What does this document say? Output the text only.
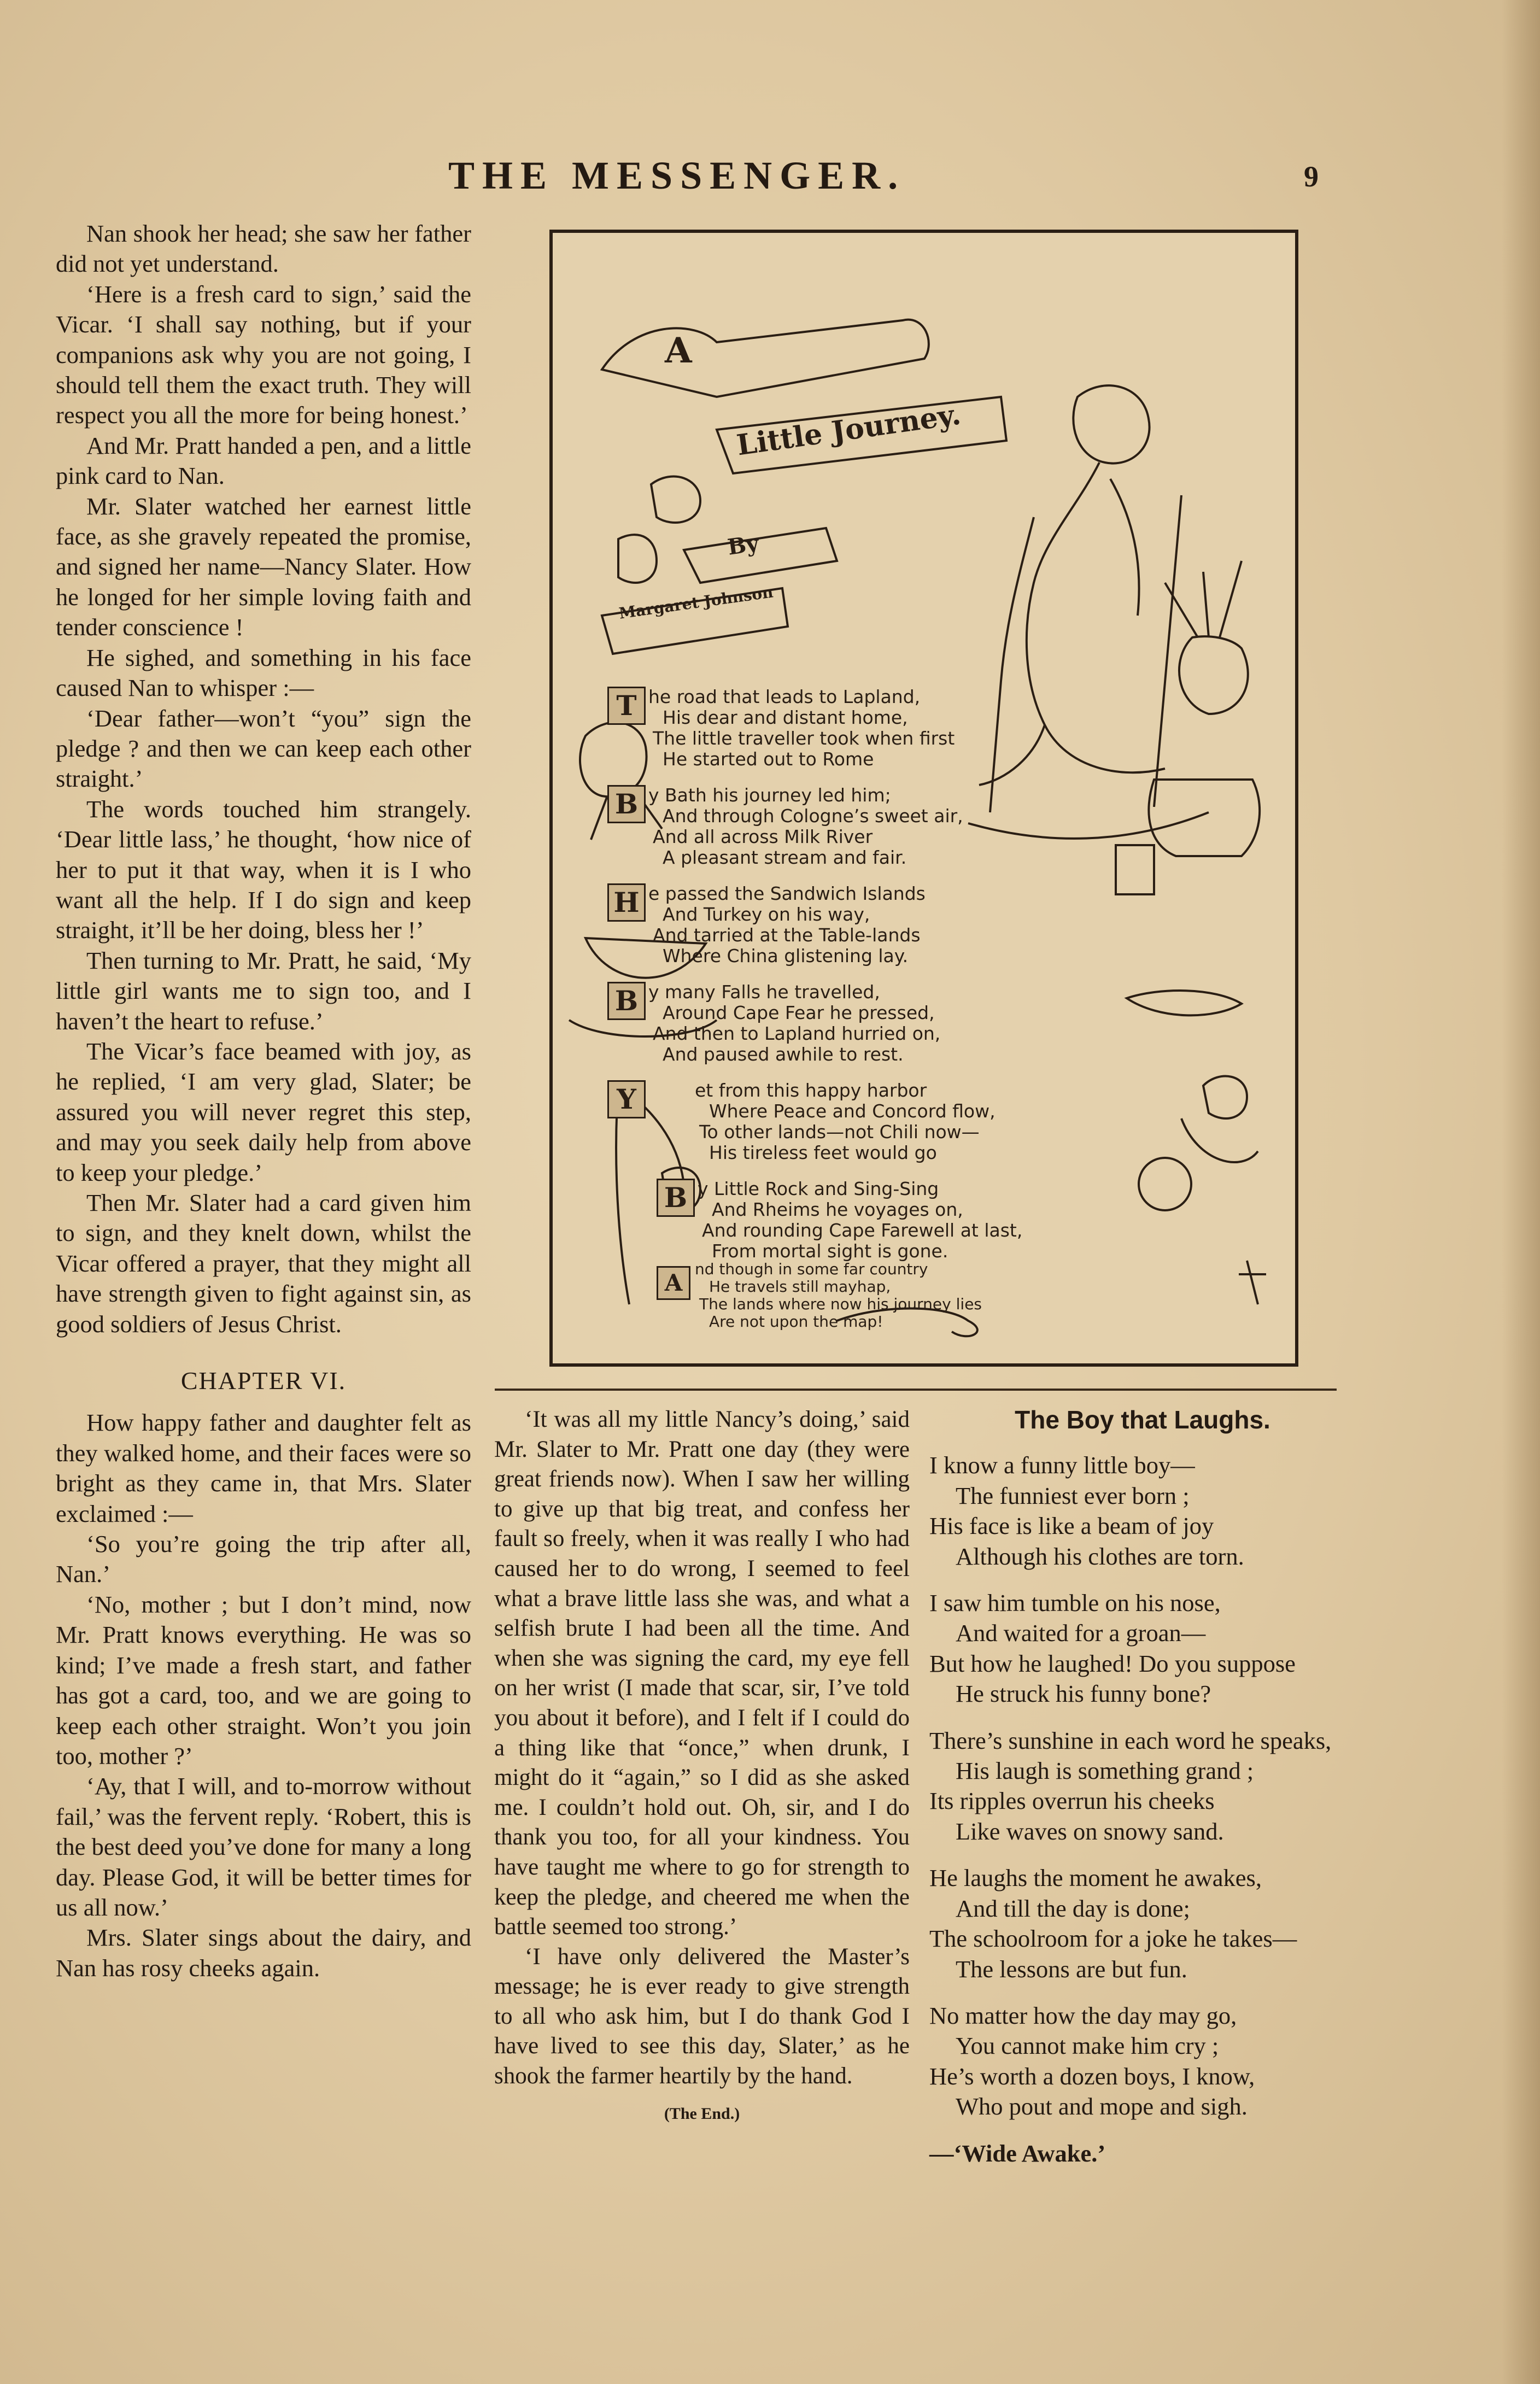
THE MESSENGER.	9

Nan shook her head; she saw her father did not yet understand.

‘Here is a fresh card to sign,’ said the Vicar. ‘I shall say nothing, but if your companions ask why you are not going, I should tell them the exact truth. They will respect you all the more for being honest.’

And Mr. Pratt handed a pen, and a little pink card to Nan.

Mr. Slater watched her earnest little face, as she gravely repeated the promise, and signed her name—Nancy Slater. How he longed for her simple loving faith and tender conscience !

He sighed, and something in his face caused Nan to whisper :—

‘Dear father—won’t “you” sign the pledge ? and then we can keep each other straight.’

The words touched him strangely. ‘Dear little lass,’ he thought, ‘how nice of her to put it that way, when it is I who want all the help. If I do sign and keep straight, it’ll be her doing, bless her !’

Then turning to Mr. Pratt, he said, ‘My little girl wants me to sign too, and I haven’t the heart to refuse.’

The Vicar’s face beamed with joy, as he replied, ‘I am very glad, Slater; be assured you will never regret this step, and may you seek daily help from above to keep your pledge.’

Then Mr. Slater had a card given him to sign, and they knelt down, whilst the Vicar offered a prayer, that they might all have strength given to fight against sin, as good soldiers of Jesus Christ.

CHAPTER VI.

How happy father and daughter felt as they walked home, and their faces were so bright as they came in, that Mrs. Slater exclaimed :—

‘So you’re going the trip after all, Nan.’

‘No, mother ; but I don’t mind, now Mr. Pratt knows everything. He was so kind; I’ve made a fresh start, and father has got a card, too, and we are going to keep each other straight. Won’t you join too, mother ?’

‘Ay, that I will, and to-morrow without fail,’ was the fervent reply. ‘Robert, this is the best deed you’ve done for many a long day. Please God, it will be better times for us all now.’

Mrs. Slater sings about the dairy, and Nan has rosy cheeks again.

A
Little Journey.
By
Margaret Johnson
T he road that leads to Lapland,
His dear and distant home,
The little traveller took when first
He started out to Rome
B y Bath his journey led him;
And through Cologne’s sweet air,
And all across Milk River
A pleasant stream and fair.
H e passed the Sandwich Islands
And Turkey on his way,
And tarried at the Table-lands
Where China glistening lay.
B y many Falls he travelled,
Around Cape Fear he pressed,
And then to Lapland hurried on,
And paused awhile to rest.
Y	et from this happy harbor
Where Peace and Concord flow,
To other lands—not Chili now—
His tireless feet would go
B y Little Rock and Sing-Sing
And Rheims he voyages on,
And rounding Cape Farewell at last,
From mortal sight is gone.
A
nd though in some far country
He travels still mayhap,
The lands where now his journey lies
Are not upon the map!

‘It was all my little Nancy’s doing,’ said Mr. Slater to Mr. Pratt one day (they were great friends now). When I saw her willing to give up that big treat, and confess her fault so freely, when it was really I who had caused her to do wrong, I seemed to feel what a brave little lass she was, and what a selfish brute I had been all the time. And when she was signing the card, my eye fell on her wrist (I made that scar, sir, I’ve told you about it before), and I felt if I could do a thing like that “once,” when drunk, I might do it “again,” so I did as she asked me. I couldn’t hold out. Oh, sir, and I do thank you too, for all your kindness. You have taught me where to go for strength to keep the pledge, and cheered me when the battle seemed too strong.’

‘I have only delivered the Master’s message; he is ever ready to give strength to all who ask him, but I do thank God I have lived to see this day, Slater,’ as he shook the farmer heartily by the hand.

(The End.)
The Boy that Laughs.
I know a funny little boy—
The funniest ever born ;
His face is like a beam of joy
Although his clothes are torn.
I saw him tumble on his nose,
And waited for a groan—
But how he laughed! Do you suppose
He struck his funny bone?
There’s sunshine in each word he speaks,
His laugh is something grand ;
Its ripples overrun his cheeks
Like waves on snowy sand.
He laughs the moment he awakes,
And till the day is done;
The schoolroom for a joke he takes—
The lessons are but fun.
No matter how the day may go,
You cannot make him cry ;
He’s worth a dozen boys, I know,
Who pout and mope and sigh.
—‘Wide Awake.’
